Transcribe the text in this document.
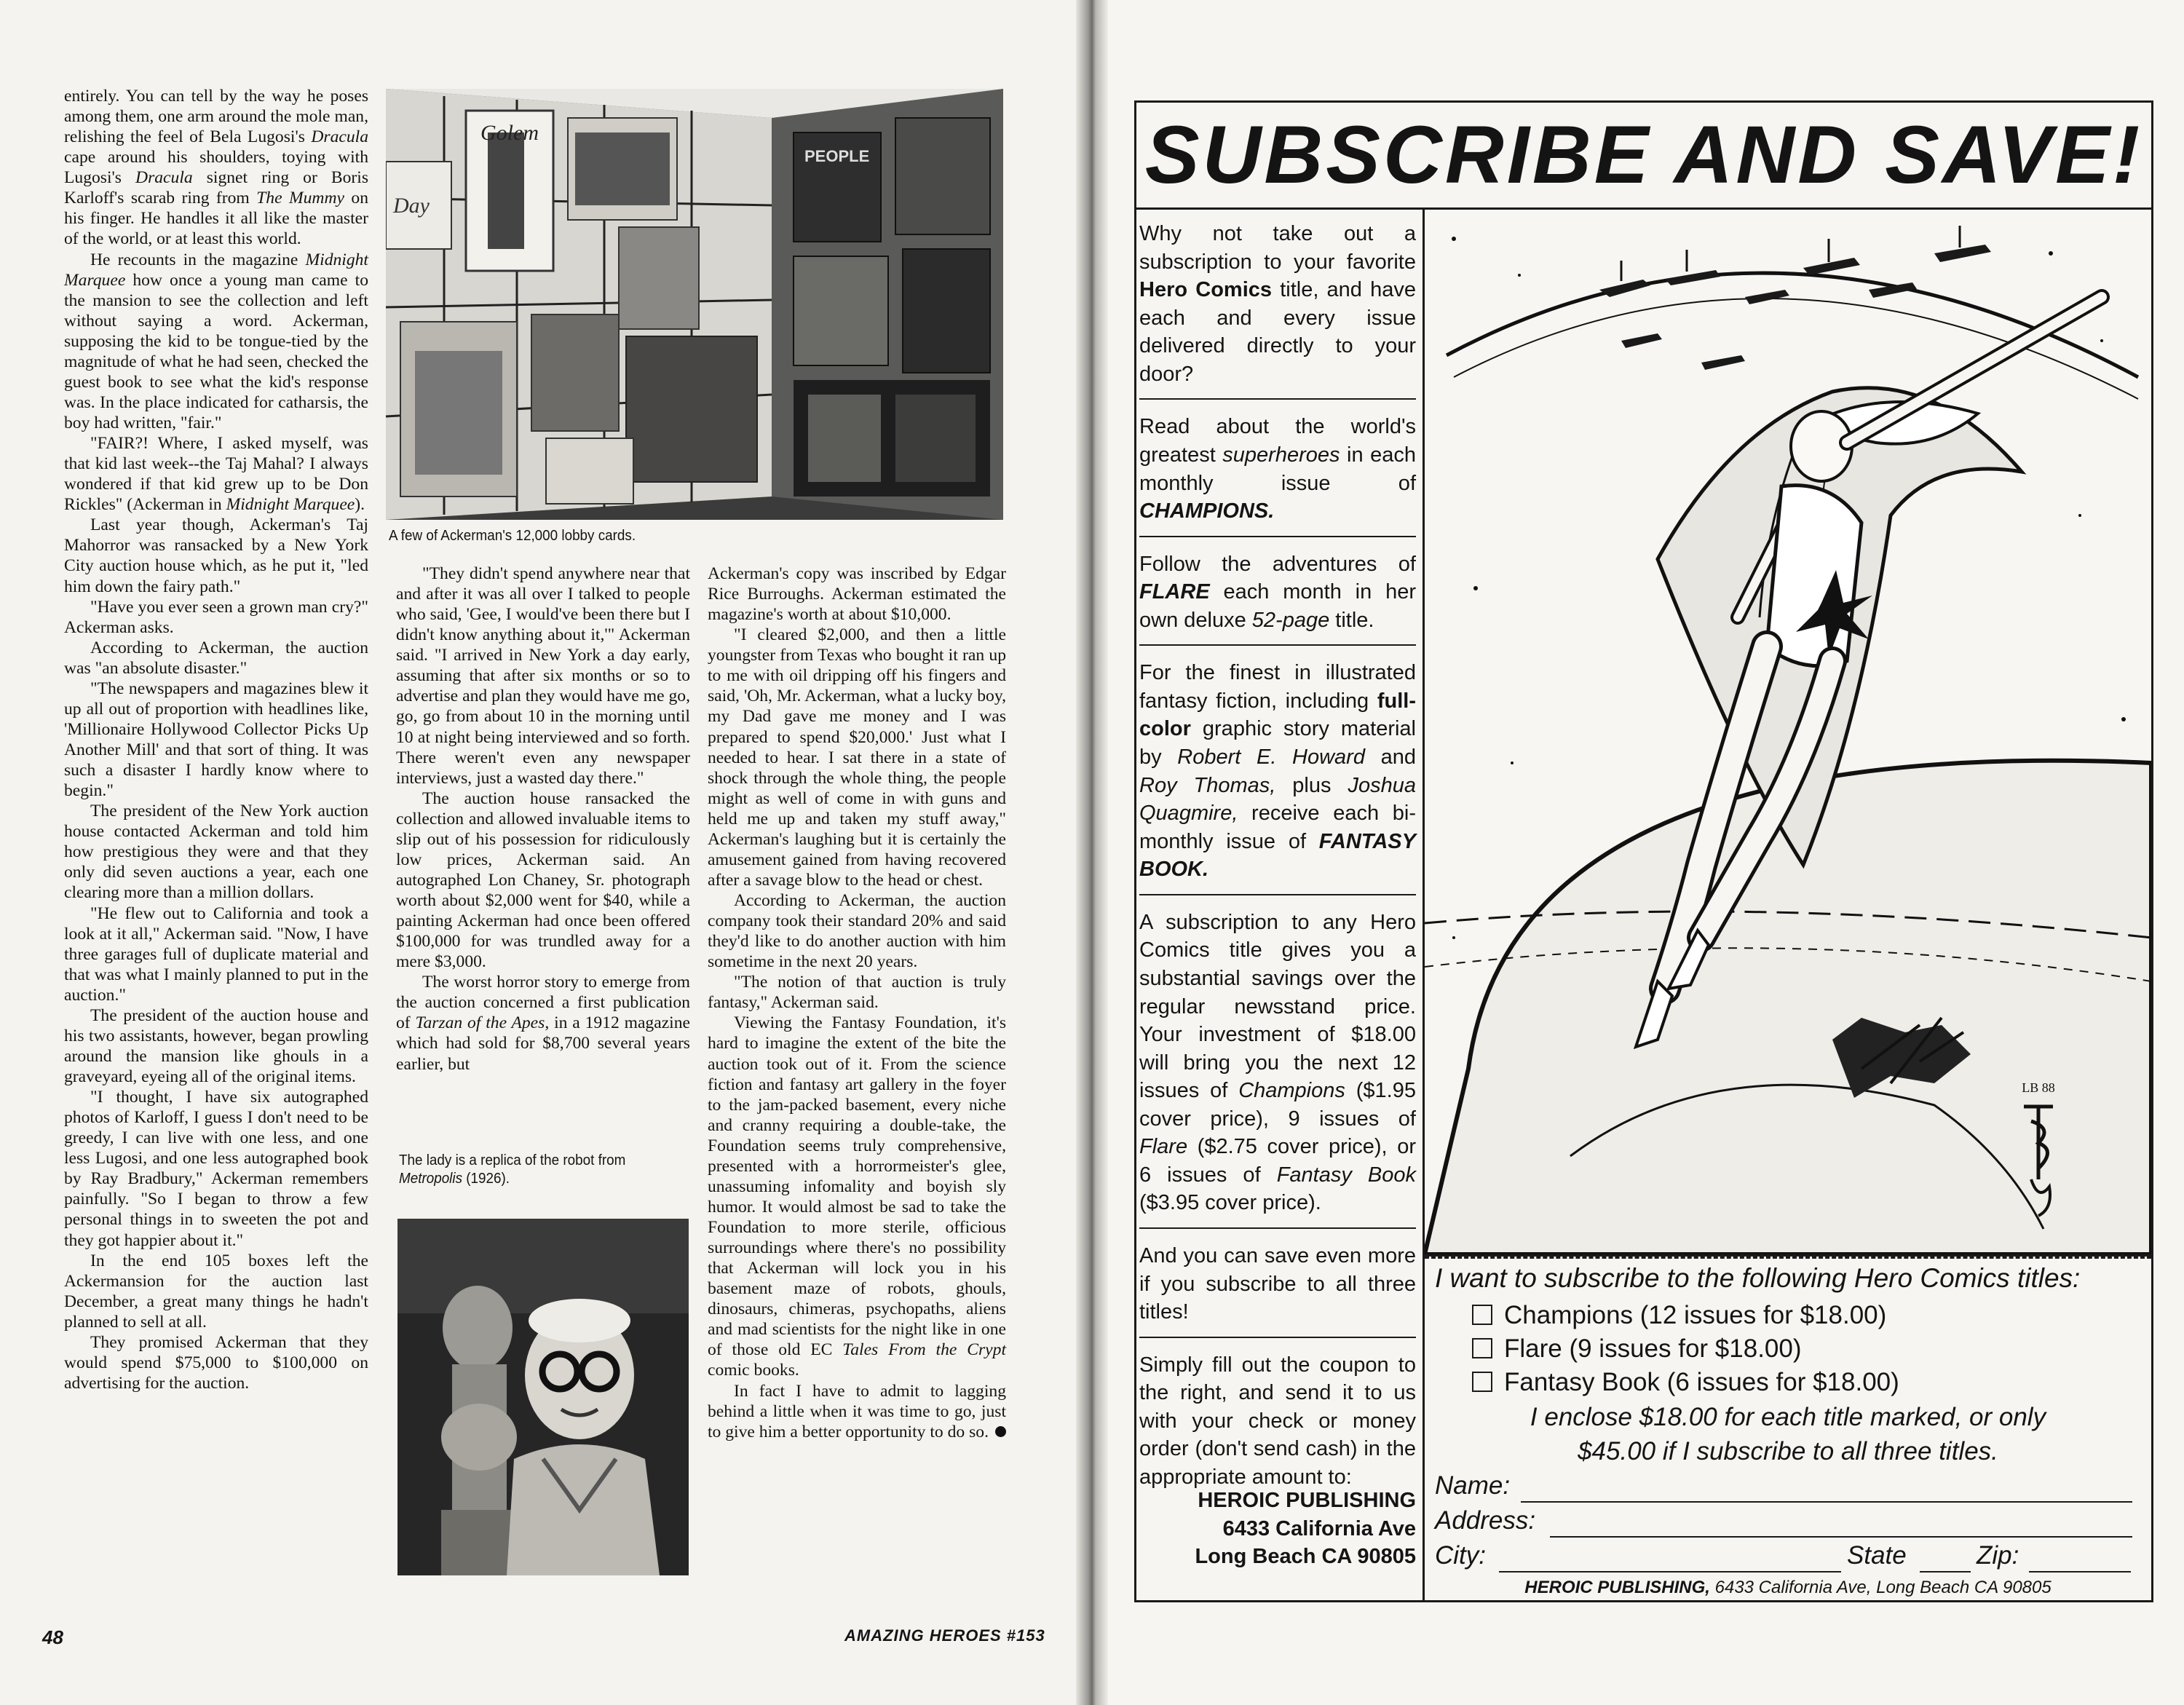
entirely. You can tell by the way he poses among them, one arm around the mole man, relishing the feel of Bela Lugosi's Dracula cape around his shoulders, toying with Lugosi's Dracula signet ring or Boris Karloff's scarab ring from The Mummy on his finger. He handles it all like the master of the world, or at least this world.

He recounts in the magazine Midnight Marquee how once a young man came to the mansion to see the collection and left without saying a word. Ackerman, supposing the kid to be tongue-tied by the magnitude of what he had seen, checked the guest book to see what the kid's response was. In the place indicated for catharsis, the boy had written, "fair."

"FAIR?! Where, I asked myself, was that kid last week--the Taj Mahal? I always wondered if that kid grew up to be Don Rickles" (Ackerman in Midnight Marquee).

Last year though, Ackerman's Taj Mahorror was ransacked by a New York City auction house which, as he put it, "led him down the fairy path."

"Have you ever seen a grown man cry?" Ackerman asks.

According to Ackerman, the auction was "an absolute disaster."

"The newspapers and magazines blew it up all out of proportion with headlines like, 'Millionaire Hollywood Collector Picks Up Another Mill' and that sort of thing. It was such a disaster I hardly know where to begin."

The president of the New York auction house contacted Ackerman and told him how prestigious they were and that they only did seven auctions a year, each one clearing more than a million dollars.

"He flew out to California and took a look at it all," Ackerman said. "Now, I have three garages full of duplicate material and that was what I mainly planned to put in the auction."

The president of the auction house and his two assistants, however, began prowling around the mansion like ghouls in a graveyard, eyeing all of the original items.

"I thought, I have six autographed photos of Karloff, I guess I don't need to be greedy, I can live with one less, and one less Lugosi, and one less autographed book by Ray Bradbury," Ackerman remembers painfully. "So I began to throw a few personal things in to sweeten the pot and they got happier about it."

In the end 105 boxes left the Ackermansion for the auction last December, a great many things he hadn't planned to sell at all.

They promised Ackerman that they would spend $75,000 to $100,000 on advertising for the auction.

"They didn't spend anywhere near that and after it was all over I talked to people who said, 'Gee, I would've been there but I didn't know anything about it,'" Ackerman said. "I arrived in New York a day early, assuming that after six months or so to advertise and plan they would have me go, go, go from about 10 in the morning until 10 at night being interviewed and so forth. There weren't even any newspaper interviews, just a wasted day there."

The auction house ransacked the collection and allowed invaluable items to slip out of his possession for ridiculously low prices, Ackerman said. An autographed Lon Chaney, Sr. photograph worth about $2,000 went for $40, while a painting Ackerman had once been offered $100,000 for was trundled away for a mere $3,000.

The worst horror story to emerge from the auction concerned a first publication of Tarzan of the Apes, in a 1912 magazine which had sold for $8,700 several years earlier, but

Ackerman's copy was inscribed by Edgar Rice Burroughs. Ackerman estimated the magazine's worth at about $10,000.

"I cleared $2,000, and then a little youngster from Texas who bought it ran up to me with oil dripping off his fingers and said, 'Oh, Mr. Ackerman, what a lucky boy, my Dad gave me money and I was prepared to spend $20,000.' Just what I needed to hear. I sat there in a state of shock through the whole thing, the people might as well of come in with guns and held me up and taken my stuff away," Ackerman's laughing but it is certainly the amusement gained from having recovered after a savage blow to the head or chest.

According to Ackerman, the auction company took their standard 20% and said they'd like to do another auction with him sometime in the next 20 years.

"The notion of that auction is truly fantasy," Ackerman said.

Viewing the Fantasy Foundation, it's hard to imagine the extent of the bite the auction took out of it. From the science fiction and fantasy art gallery in the foyer to the jam-packed basement, every niche and cranny requiring a double-take, the Foundation seems truly comprehensive, presented with a horrormeister's glee, unassuming infomality and boyish sly humor. It would almost be sad to take the Foundation to more sterile, officious surroundings where there's no possibility that Ackerman will lock you in his basement maze of robots, ghouls, dinosaurs, chimeras, psychopaths, aliens and mad scientists for the night like in one of those old EC Tales From the Crypt comic books.

In fact I have to admit to lagging behind a little when it was time to go, just to give him a better opportunity to do so.

Golem
Day
PEOPLE
A few of Ackerman's 12,000 lobby cards.
The lady is a replica of the robot from Metropolis (1926).
48	AMAZING HEROES #153
SUBSCRIBE AND SAVE!

Why not take out a subscription to your favorite Hero Comics title, and have each and every issue delivered directly to your door?

Read about the world's greatest superheroes in each monthly issue of CHAMPIONS.

Follow the adventures of FLARE each month in her own deluxe 52-page title.

For the finest in illustrated fantasy fiction, including full-color graphic story material by Robert E. Howard and Roy Thomas, plus Joshua Quagmire, receive each bi-monthly issue of FANTASY BOOK.

A subscription to any Hero Comics title gives you a substantial savings over the regular newsstand price. Your investment of $18.00 will bring you the next 12 issues of Champions ($1.95 cover price), 9 issues of Flare ($2.75 cover price), or 6 issues of Fantasy Book ($3.95 cover price).

And you can save even more if you subscribe to all three titles!

Simply fill out the coupon to the right, and send it to us with your check or money order (don't send cash) in the appropriate amount to:

HEROIC PUBLISHING
6433 California Ave
Long Beach CA 90805
LB 88
I want to subscribe to the following Hero Comics titles:
Champions (12 issues for $18.00)
Flare (9 issues for $18.00)
Fantasy Book (6 issues for $18.00)
I enclose $18.00 for each title marked, or only
$45.00 if I subscribe to all three titles.
Name:
Address:
City:	State	Zip:
HEROIC PUBLISHING, 6433 California Ave, Long Beach CA 90805
